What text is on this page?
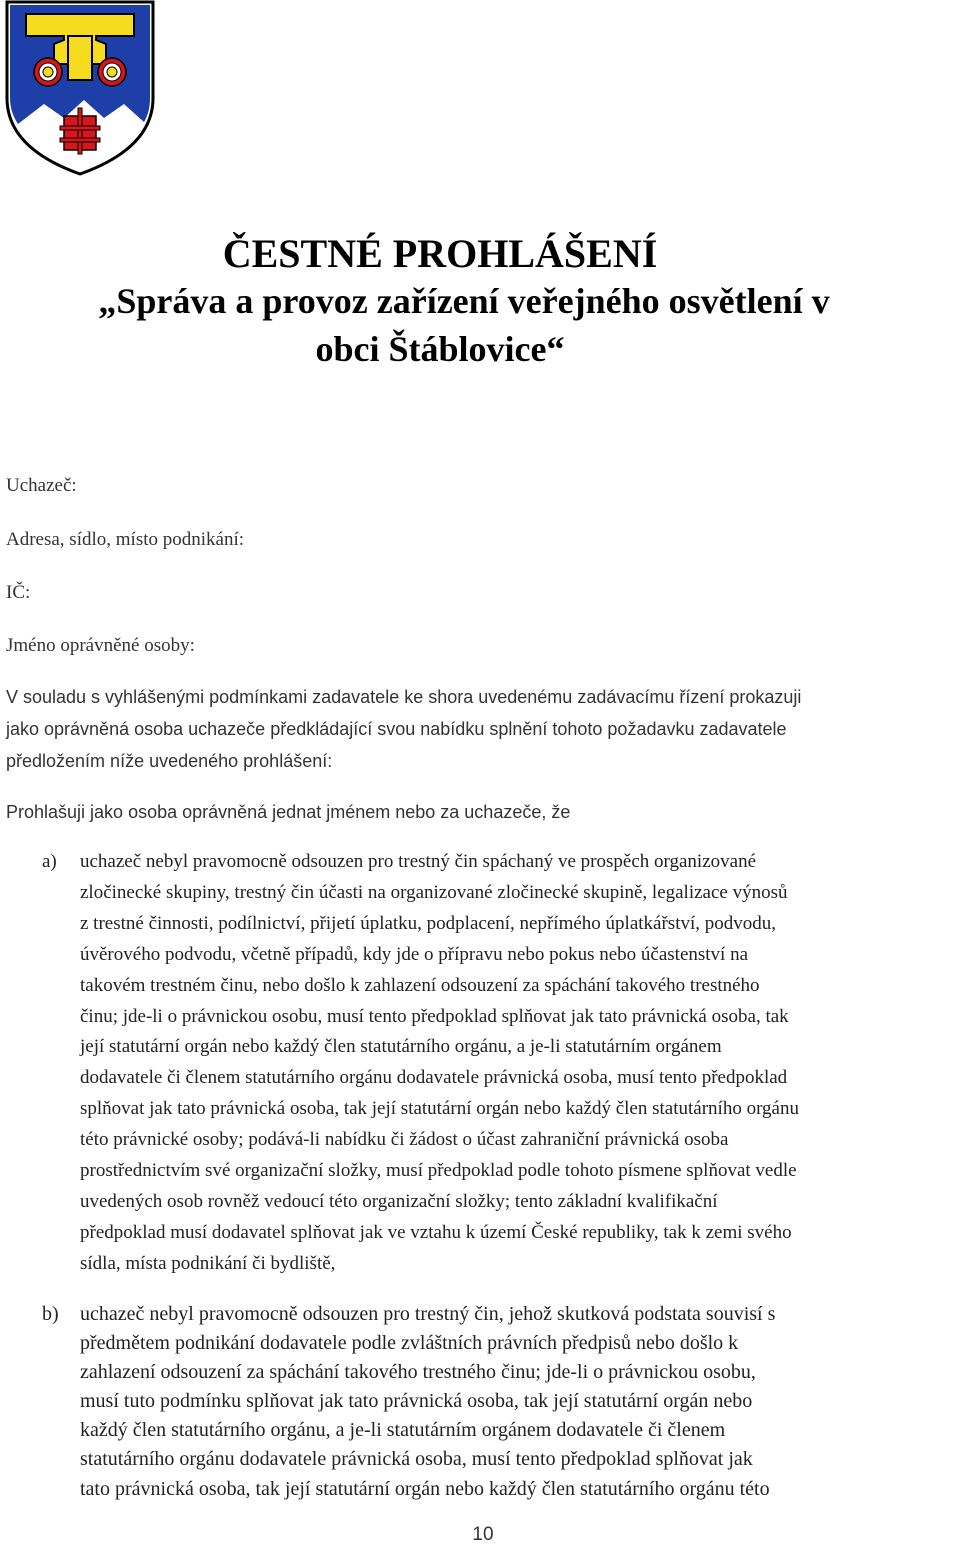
ČESTNÉ PROHLÁŠENÍ
„Správa a provoz zařízení veřejného osvětlení v
obci Štáblovice“
Uchazeč:
Adresa, sídlo, místo podnikání:
IČ:
Jméno oprávněné osoby:
V souladu s vyhlášenými podmínkami zadavatele ke shora uvedenému zadávacímu řízení prokazuji
jako oprávněná osoba uchazeče předkládající svou nabídku splnění tohoto požadavku zadavatele
předložením níže uvedeného prohlášení:
Prohlašuji jako osoba oprávněná jednat jménem nebo za uchazeče, že
a) uchazeč nebyl pravomocně odsouzen pro trestný čin spáchaný ve prospěch organizované
zločinecké skupiny, trestný čin účasti na organizované zločinecké skupině, legalizace výnosů
z trestné činnosti, podílnictví, přijetí úplatku, podplacení, nepřímého úplatkářství, podvodu,
úvěrového podvodu, včetně případů, kdy jde o přípravu nebo pokus nebo účastenství na
takovém trestném činu, nebo došlo k zahlazení odsouzení za spáchání takového trestného
činu; jde-li o právnickou osobu, musí tento předpoklad splňovat jak tato právnická osoba, tak
její statutární orgán nebo každý člen statutárního orgánu, a je-li statutárním orgánem
dodavatele či členem statutárního orgánu dodavatele právnická osoba, musí tento předpoklad
splňovat jak tato právnická osoba, tak její statutární orgán nebo každý člen statutárního orgánu
této právnické osoby; podává-li nabídku či žádost o účast zahraniční právnická osoba
prostřednictvím své organizační složky, musí předpoklad podle tohoto písmene splňovat vedle
uvedených osob rovněž vedoucí této organizační složky; tento základní kvalifikační
předpoklad musí dodavatel splňovat jak ve vztahu k území České republiky, tak k zemi svého
sídla, místa podnikání či bydliště,
b) uchazeč nebyl pravomocně odsouzen pro trestný čin, jehož skutková podstata souvisí s
předmětem podnikání dodavatele podle zvláštních právních předpisů nebo došlo k
zahlazení odsouzení za spáchání takového trestného činu; jde-li o právnickou osobu,
musí tuto podmínku splňovat jak tato právnická osoba, tak její statutární orgán nebo
každý člen statutárního orgánu, a je-li statutárním orgánem dodavatele či členem
statutárního orgánu dodavatele právnická osoba, musí tento předpoklad splňovat jak
tato právnická osoba, tak její statutární orgán nebo každý člen statutárního orgánu této
10
